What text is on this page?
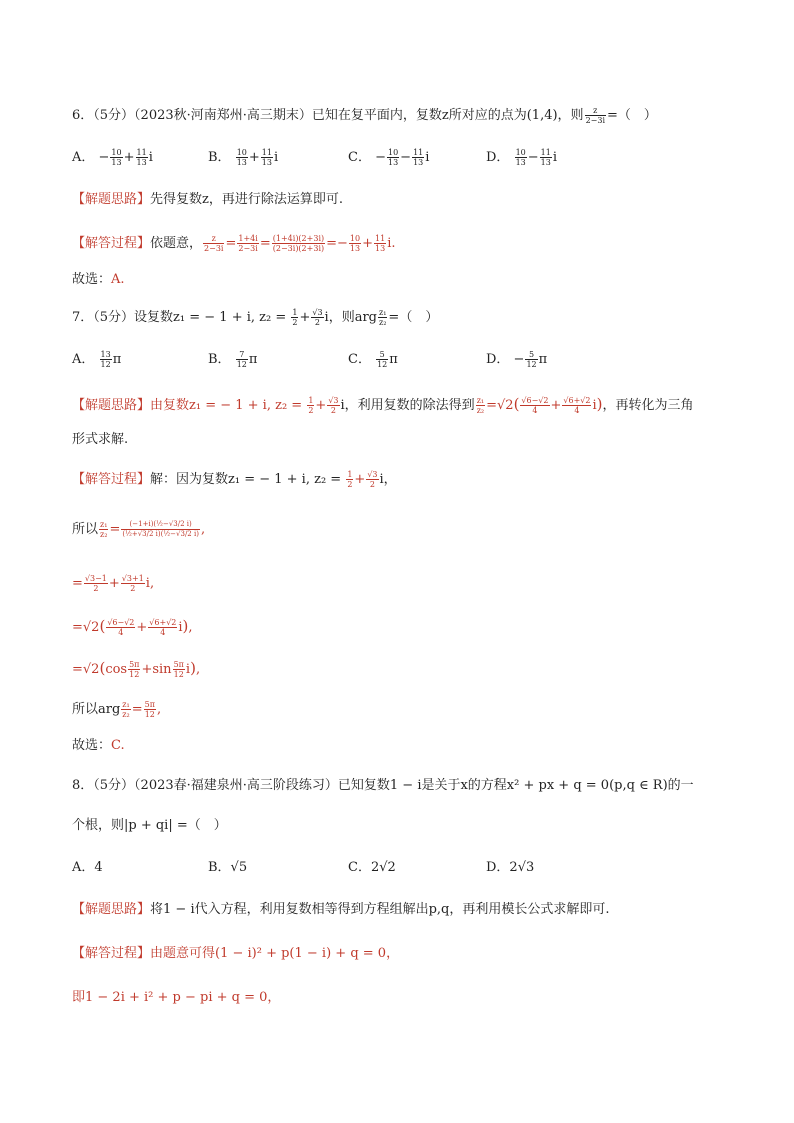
6．（5分）（2023秋·河南郑州·高三期末）已知在复平面内，复数z所对应的点为(1,4)，则 $\frac{z}{2-3i}$ =（　）
A． − $\frac{10}{13} + \frac{11}{13}$ i	B． $\frac{10}{13} + \frac{11}{13}$ i	C． − $\frac{10}{13} - \frac{11}{13}$ i	D． $\frac{10}{13} - \frac{11}{13}$ i
【解题思路】先得复数z，再进行除法运算即可.
【解答过程】依题意， $\frac{z}{2-3i} = \frac{1+4i}{2-3i} = \frac{(1+4i)(2+3i)}{(2-3i)(2+3i)} =- \frac{10}{13} + \frac{11}{13} i$.
故选：A.
7．（5分）设复数z₁ = − 1 + i, $z_2 = \frac{1}{2} + \frac{√3}{2}$ i，则arg $\frac{\text{z₁}}{\text{z₂}}$ =（　）
A． $\frac{13}{12}$ π	B． $\frac{7}{12}$ π	C． $\frac{5}{12}$ π	D． − $\frac{5}{12}$ π
【解题思路】由复数z₁ = − 1 + i, $z_2 = \frac{1}{2} + \frac{√3}{2}$ i，利用复数的除法得到 $\frac{\text{z₁}}{\text{z₂}} =√2( \frac{√6-√2}{4} + \frac{√6+√2}{4} i)$，再转化为三角
形式求解.
【解答过程】解：因为复数z₁ = − 1 + i, $z_2 = \frac{1}{2} + \frac{√3}{2}$ i，
所以 $\frac{\text{z₁}}{\text{z₂}} = \frac{\text{(−1+i)(½−√3/2 i)}}{\text{(½+√3/2 i)(½−√3/2 i)}}$ ,
= $\frac{√3-1}{2} + \frac{√3+1}{2} i$,
$=√2( \frac{√6-√2}{4} + \frac{√6+√2}{4} i)$,
$=√2(\cos \frac{5\pi}{12} +\sin \frac{5\pi}{12} i)$,
所以arg $\frac{\text{z₁}}{\text{z₂}} = \frac{5\pi}{12}$ ,
故选：C.
8．（5分）（2023春·福建泉州·高三阶段练习）已知复数1 − i是关于x的方程x² + px + q = 0(p,q ∈ R)的一
个根，则|p + qi| =（　）
A．4	B．√5	C．2√2	D．2√3
【解题思路】将1 − i代入方程，利用复数相等得到方程组解出p,q，再利用模长公式求解即可.
【解答过程】由题意可得(1 − i)² + p(1 − i) + q = 0，
即1 − 2i + i² + p − pi + q = 0，
